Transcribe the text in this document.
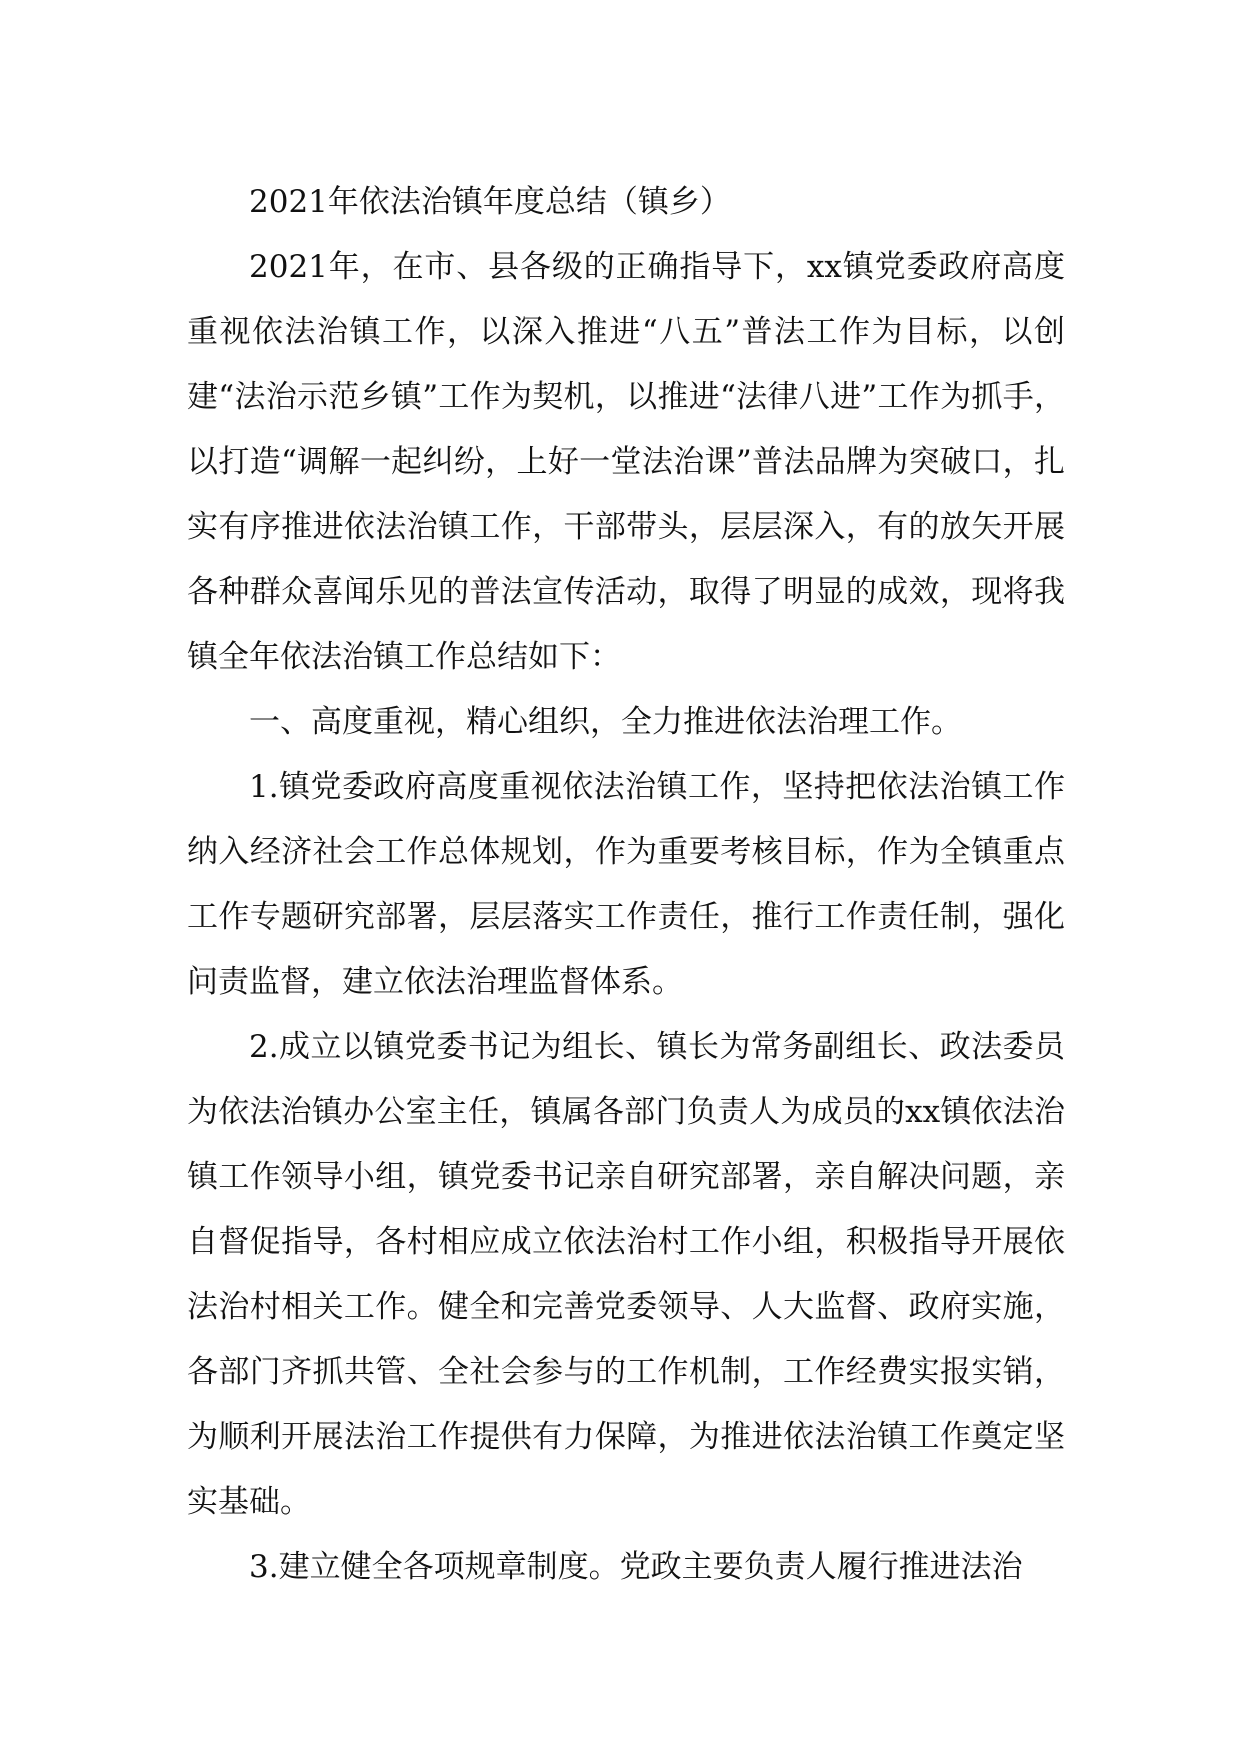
2021年依法治镇年度总结（镇乡）

2021年，在市、县各级的正确指导下，xx镇党委政府高度重视依法治镇工作，以深入推进“八五”普法工作为目标，以创建“法治示范乡镇”工作为契机，以推进“法律八进”工作为抓手，以打造“调解一起纠纷，上好一堂法治课”普法品牌为突破口，扎实有序推进依法治镇工作，干部带头，层层深入，有的放矢开展各种群众喜闻乐见的普法宣传活动，取得了明显的成效，现将我镇全年依法治镇工作总结如下：

一、高度重视，精心组织，全力推进依法治理工作。

1.镇党委政府高度重视依法治镇工作，坚持把依法治镇工作纳入经济社会工作总体规划，作为重要考核目标，作为全镇重点工作专题研究部署，层层落实工作责任，推行工作责任制，强化问责监督，建立依法治理监督体系。

2.成立以镇党委书记为组长、镇长为常务副组长、政法委员为依法治镇办公室主任，镇属各部门负责人为成员的xx镇依法治镇工作领导小组，镇党委书记亲自研究部署，亲自解决问题，亲自督促指导，各村相应成立依法治村工作小组，积极指导开展依法治村相关工作。健全和完善党委领导、人大监督、政府实施，各部门齐抓共管、全社会参与的工作机制，工作经费实报实销，为顺利开展法治工作提供有力保障，为推进依法治镇工作奠定坚实基础。

3.建立健全各项规章制度。党政主要负责人履行推进法治
